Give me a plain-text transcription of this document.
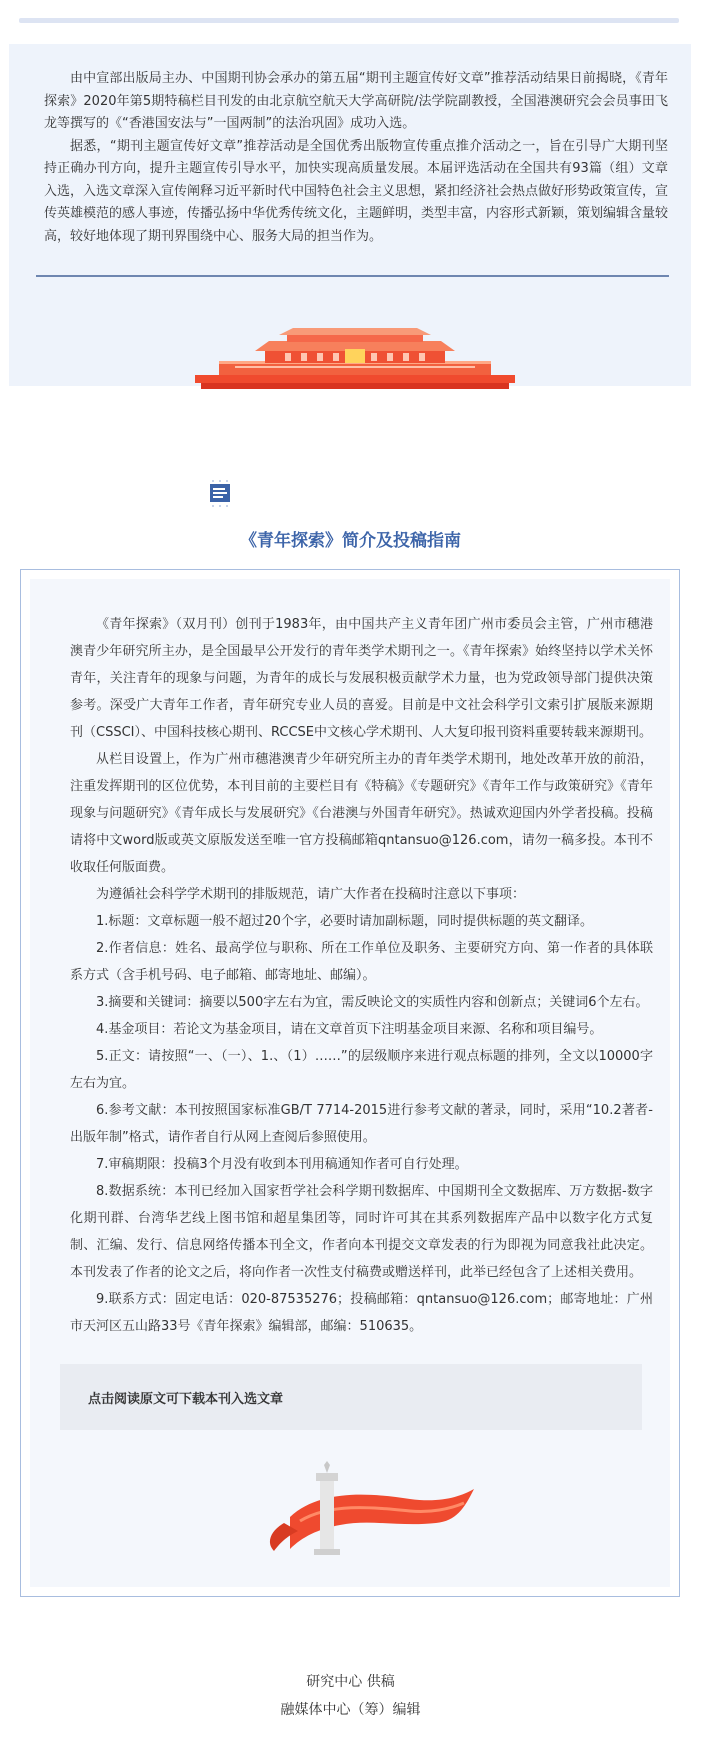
由中宣部出版局主办、中国期刊协会承办的第五届“期刊主题宣传好文章”推荐活动结果日前揭晓，《青年探索》2020年第5期特稿栏目刊发的由北京航空航天大学高研院/法学院副教授，全国港澳研究会会员事田飞龙等撰写的《“香港国安法与”一国两制”的法治巩固》成功入选。

据悉，“期刊主题宣传好文章”推荐活动是全国优秀出版物宣传重点推介活动之一，旨在引导广大期刊坚持正确办刊方向，提升主题宣传引导水平，加快实现高质量发展。本届评选活动在全国共有93篇（组）文章入选，入选文章深入宣传阐释习近平新时代中国特色社会主义思想，紧扣经济社会热点做好形势政策宣传，宣传英雄模范的感人事迹，传播弘扬中华优秀传统文化，主题鲜明，类型丰富，内容形式新颖，策划编辑含量较高，较好地体现了期刊界围绕中心、服务大局的担当作为。

《青年探索》简介及投稿指南

《青年探索》（双月刊）创刊于1983年，由中国共产主义青年团广州市委员会主管，广州市穗港澳青少年研究所主办，是全国最早公开发行的青年类学术期刊之一。《青年探索》始终坚持以学术关怀青年，关注青年的现象与问题，为青年的成长与发展积极贡献学术力量，也为党政领导部门提供决策参考。深受广大青年工作者，青年研究专业人员的喜爱。目前是中文社会科学引文索引扩展版来源期刊（CSSCI）、中国科技核心期刊、RCCSE中文核心学术期刊、人大复印报刊资料重要转载来源期刊。

从栏目设置上，作为广州市穗港澳青少年研究所主办的青年类学术期刊，地处改革开放的前沿，注重发挥期刊的区位优势，本刊目前的主要栏目有《特稿》《专题研究》《青年工作与政策研究》《青年现象与问题研究》《青年成长与发展研究》《台港澳与外国青年研究》。热诚欢迎国内外学者投稿。投稿请将中文word版或英文原版发送至唯一官方投稿邮箱qntansuo@126.com，请勿一稿多投。本刊不收取任何版面费。

为遵循社会科学学术期刊的排版规范，请广大作者在投稿时注意以下事项：

1.标题：文章标题一般不超过20个字，必要时请加副标题，同时提供标题的英文翻译。

2.作者信息：姓名、最高学位与职称、所在工作单位及职务、主要研究方向、第一作者的具体联系方式（含手机号码、电子邮箱、邮寄地址、邮编）。

3.摘要和关键词：摘要以500字左右为宜，需反映论文的实质性内容和创新点；关键词6个左右。

4.基金项目：若论文为基金项目，请在文章首页下注明基金项目来源、名称和项目编号。

5.正文：请按照“一、（一）、1.、（1）……”的层级顺序来进行观点标题的排列，全文以10000字左右为宜。

6.参考文献：本刊按照国家标准GB/T 7714-2015进行参考文献的著录，同时，采用“10.2著者-出版年制”格式，请作者自行从网上查阅后参照使用。

7.审稿期限：投稿3个月没有收到本刊用稿通知作者可自行处理。

8.数据系统：本刊已经加入国家哲学社会科学期刊数据库、中国期刊全文数据库、万方数据-数字化期刊群、台湾华艺线上图书馆和超星集团等，同时许可其在其系列数据库产品中以数字化方式复制、汇编、发行、信息网络传播本刊全文，作者向本刊提交文章发表的行为即视为同意我社此决定。本刊发表了作者的论文之后，将向作者一次性支付稿费或赠送样刊，此举已经包含了上述相关费用。

9.联系方式：固定电话：020-87535276；投稿邮箱：qntansuo@126.com；邮寄地址：广州市天河区五山路33号《青年探索》编辑部，邮编：510635。

点击阅读原文可下载本刊入选文章
研究中心 供稿
融媒体中心（筹）编辑
